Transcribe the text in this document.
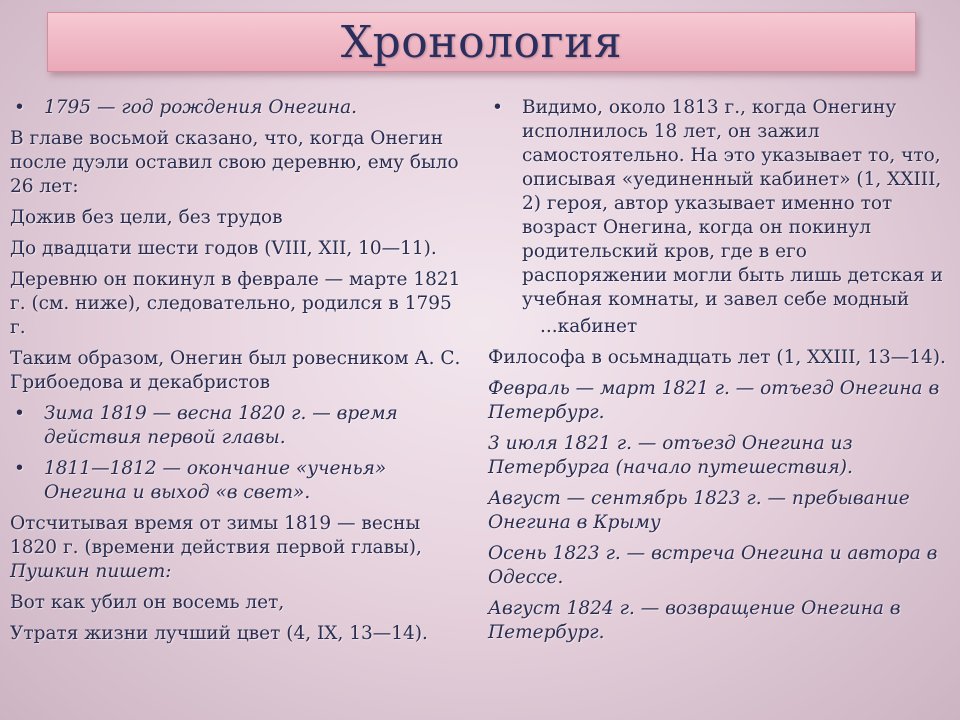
Хронология

• 1795 — год рождения Онегина.

В главе восьмой сказано, что, когда Онегин после дуэли оставил свою деревню, ему было 26 лет:

Дожив без цели, без трудов

До двадцати шести годов (VIII, XII, 10—11).

Деревню он покинул в феврале — марте 1821 г. (см. ниже), следовательно, родился в 1795 г.

Таким образом, Онегин был ровесником А. С. Грибоедова и декабристов

• Зима 1819 — весна 1820 г. — время действия первой главы.

• 1811—1812 — окончание «ученья» Онегина и выход «в свет».

Отсчитывая время от зимы 1819 — весны 1820 г. (времени действия первой главы),

Пушкин пишет:

Вот как убил он восемь лет,

Утратя жизни лучший цвет (4, IX, 13—14).

• Видимо, около 1813 г., когда Онегину исполнилось 18 лет, он зажил самостоятельно. На это указывает то, что, описывая «уединенный кабинет» (1, XXIII, 2) героя, автор указывает именно тот возраст Онегина, когда он покинул родительский кров, где в его распоряжении могли быть лишь детская и учебная комнаты, и завел себе модный

...кабинет

Философа в осьмнадцать лет (1, XXIII, 13—14).

Февраль — март 1821 г. — отъезд Онегина в Петербург.

3 июля 1821 г. — отъезд Онегина из Петербурга (начало путешествия).

Август — сентябрь 1823 г. — пребывание Онегина в Крыму

Осень 1823 г. — встреча Онегина и автора в Одессе.

Август 1824 г. — возвращение Онегина в Петербург.
